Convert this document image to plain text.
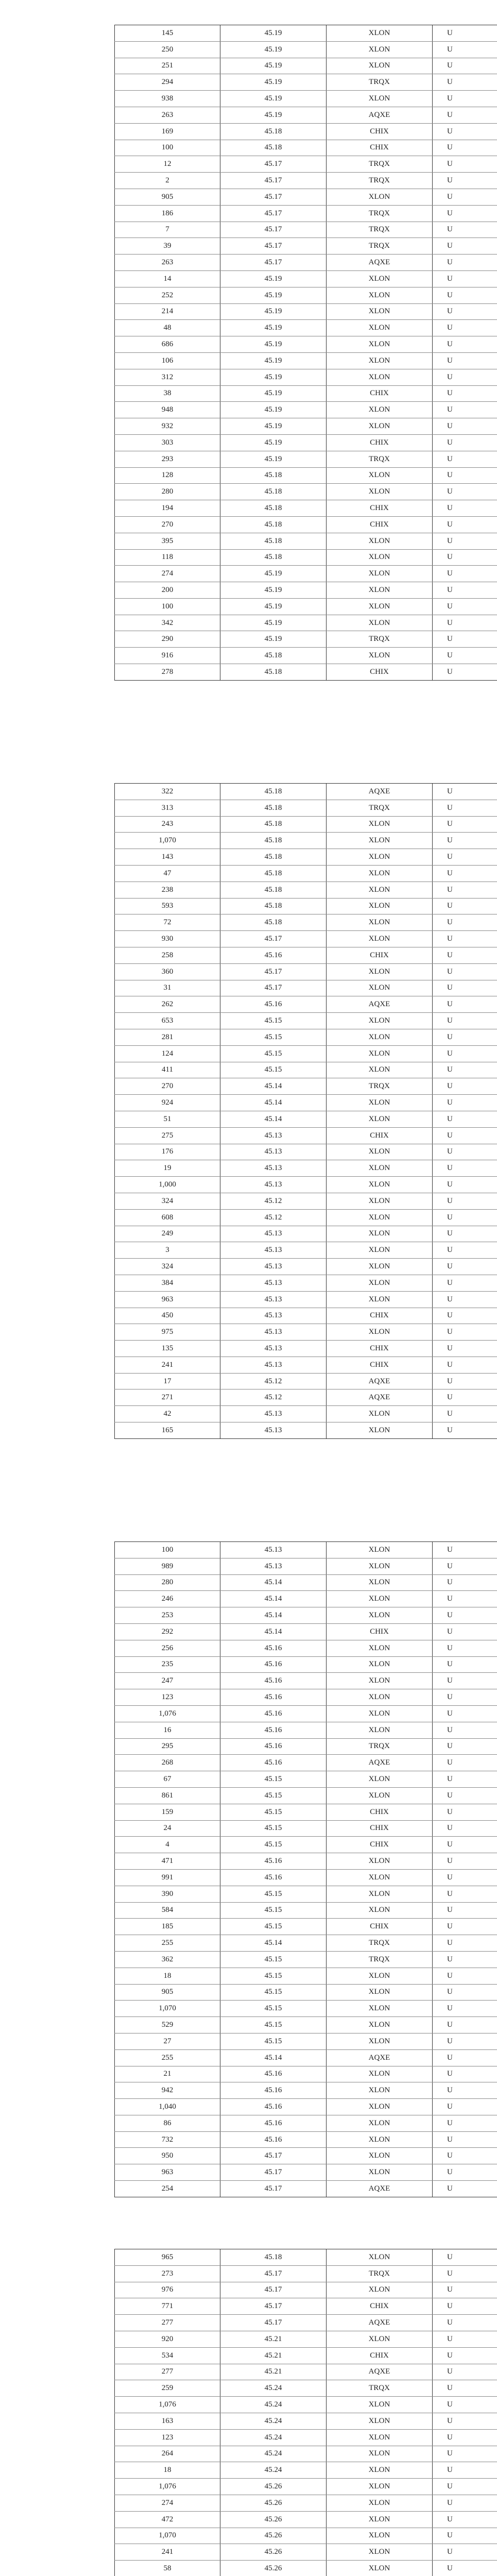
145	45.19	XLON	U
250	45.19	XLON	U
251	45.19	XLON	U
294	45.19	TRQX	U
938	45.19	XLON	U
263	45.19	AQXE	U
169	45.18	CHIX	U
100	45.18	CHIX	U
12	45.17	TRQX	U
2	45.17	TRQX	U
905	45.17	XLON	U
186	45.17	TRQX	U
7	45.17	TRQX	U
39	45.17	TRQX	U
263	45.17	AQXE	U
14	45.19	XLON	U
252	45.19	XLON	U
214	45.19	XLON	U
48	45.19	XLON	U
686	45.19	XLON	U
106	45.19	XLON	U
312	45.19	XLON	U
38	45.19	CHIX	U
948	45.19	XLON	U
932	45.19	XLON	U
303	45.19	CHIX	U
293	45.19	TRQX	U
128	45.18	XLON	U
280	45.18	XLON	U
194	45.18	CHIX	U
270	45.18	CHIX	U
395	45.18	XLON	U
118	45.18	XLON	U
274	45.19	XLON	U
200	45.19	XLON	U
100	45.19	XLON	U
342	45.19	XLON	U
290	45.19	TRQX	U
916	45.18	XLON	U
278	45.18	CHIX	U
322	45.18	AQXE	U
313	45.18	TRQX	U
243	45.18	XLON	U
1,070	45.18	XLON	U
143	45.18	XLON	U
47	45.18	XLON	U
238	45.18	XLON	U
593	45.18	XLON	U
72	45.18	XLON	U
930	45.17	XLON	U
258	45.16	CHIX	U
360	45.17	XLON	U
31	45.17	XLON	U
262	45.16	AQXE	U
653	45.15	XLON	U
281	45.15	XLON	U
124	45.15	XLON	U
411	45.15	XLON	U
270	45.14	TRQX	U
924	45.14	XLON	U
51	45.14	XLON	U
275	45.13	CHIX	U
176	45.13	XLON	U
19	45.13	XLON	U
1,000	45.13	XLON	U
324	45.12	XLON	U
608	45.12	XLON	U
249	45.13	XLON	U
3	45.13	XLON	U
324	45.13	XLON	U
384	45.13	XLON	U
963	45.13	XLON	U
450	45.13	CHIX	U
975	45.13	XLON	U
135	45.13	CHIX	U
241	45.13	CHIX	U
17	45.12	AQXE	U
271	45.12	AQXE	U
42	45.13	XLON	U
165	45.13	XLON	U
100	45.13	XLON	U
989	45.13	XLON	U
280	45.14	XLON	U
246	45.14	XLON	U
253	45.14	XLON	U
292	45.14	CHIX	U
256	45.16	XLON	U
235	45.16	XLON	U
247	45.16	XLON	U
123	45.16	XLON	U
1,076	45.16	XLON	U
16	45.16	XLON	U
295	45.16	TRQX	U
268	45.16	AQXE	U
67	45.15	XLON	U
861	45.15	XLON	U
159	45.15	CHIX	U
24	45.15	CHIX	U
4	45.15	CHIX	U
471	45.16	XLON	U
991	45.16	XLON	U
390	45.15	XLON	U
584	45.15	XLON	U
185	45.15	CHIX	U
255	45.14	TRQX	U
362	45.15	TRQX	U
18	45.15	XLON	U
905	45.15	XLON	U
1,070	45.15	XLON	U
529	45.15	XLON	U
27	45.15	XLON	U
255	45.14	AQXE	U
21	45.16	XLON	U
942	45.16	XLON	U
1,040	45.16	XLON	U
86	45.16	XLON	U
732	45.16	XLON	U
950	45.17	XLON	U
963	45.17	XLON	U
254	45.17	AQXE	U
965	45.18	XLON	U
273	45.17	TRQX	U
976	45.17	XLON	U
771	45.17	CHIX	U
277	45.17	AQXE	U
920	45.21	XLON	U
534	45.21	CHIX	U
277	45.21	AQXE	U
259	45.24	TRQX	U
1,076	45.24	XLON	U
163	45.24	XLON	U
123	45.24	XLON	U
264	45.24	XLON	U
18	45.24	XLON	U
1,076	45.26	XLON	U
274	45.26	XLON	U
472	45.26	XLON	U
1,070	45.26	XLON	U
241	45.26	XLON	U
58	45.26	XLON	U
